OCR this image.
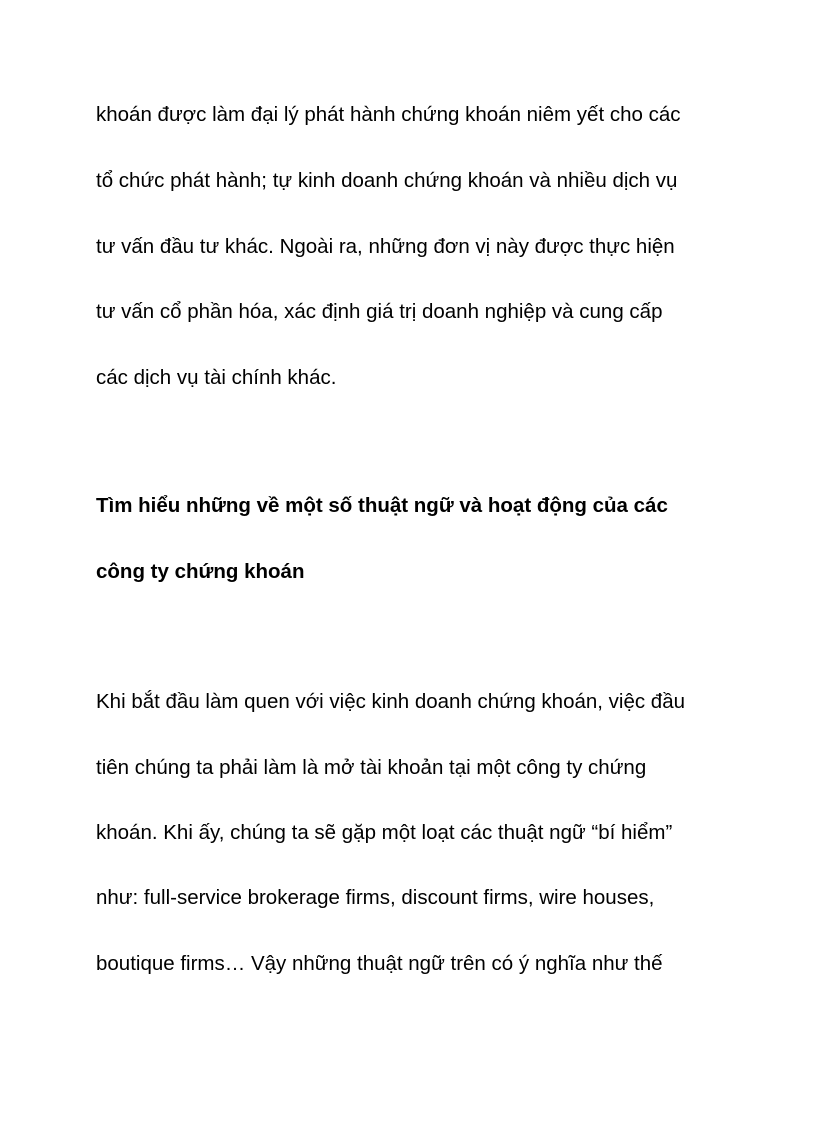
khoán được làm đại lý phát hành chứng khoán niêm yết cho các

tổ chức phát hành; tự kinh doanh chứng khoán và nhiều dịch vụ

tư vấn đầu tư khác. Ngoài ra, những đơn vị này được thực hiện

tư vấn cổ phần hóa, xác định giá trị doanh nghiệp và cung cấp

các dịch vụ tài chính khác.

Tìm hiểu những về một số thuật ngữ và hoạt động của các

công ty chứng khoán

Khi bắt đầu làm quen với việc kinh doanh chứng khoán, việc đầu

tiên chúng ta phải làm là mở tài khoản tại một công ty chứng

khoán. Khi ấy, chúng ta sẽ gặp một loạt các thuật ngữ “bí hiểm”

như: full-service brokerage firms, discount firms, wire houses,

boutique firms… Vậy những thuật ngữ trên có ý nghĩa như thế
